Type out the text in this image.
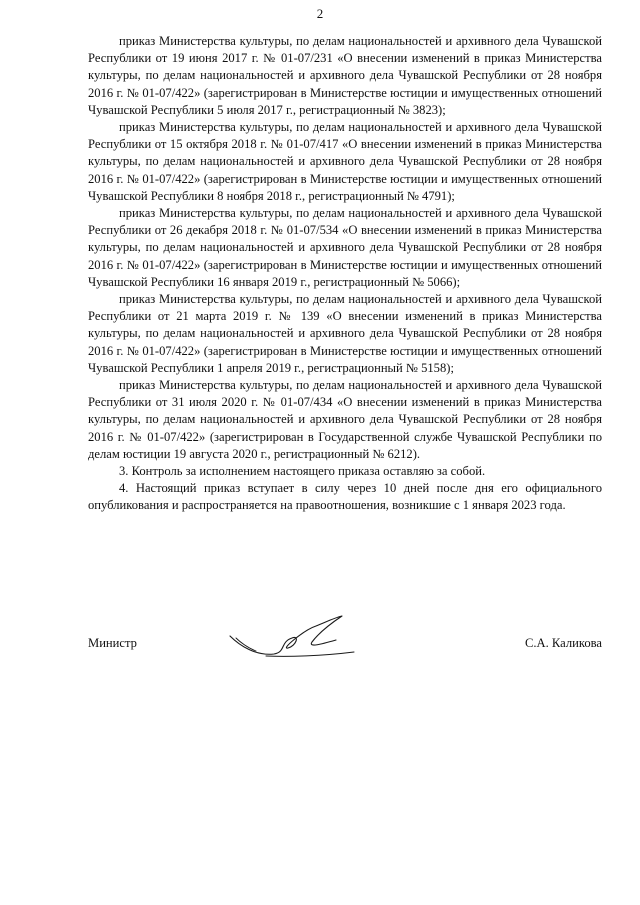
2

приказ Министерства культуры, по делам национальностей и архивного дела Чувашской Республики от 19 июня 2017 г. № 01-07/231 «О внесении изменений в приказ Министерства культуры, по делам национальностей и архивного дела Чувашской Республики от 28 ноября 2016 г. № 01-07/422» (зарегистрирован в Министерстве юстиции и имущественных отношений Чувашской Республики 5 июля 2017 г., регистрационный № 3823);

приказ Министерства культуры, по делам национальностей и архивного дела Чувашской Республики от 15 октября 2018 г. № 01-07/417 «О внесении изменений в приказ Министерства культуры, по делам национальностей и архивного дела Чувашской Республики от 28 ноября 2016 г. № 01-07/422» (зарегистрирован в Министерстве юстиции и имущественных отношений Чувашской Республики 8 ноября 2018 г., регистрационный № 4791);

приказ Министерства культуры, по делам национальностей и архивного дела Чувашской Республики от 26 декабря 2018 г. № 01-07/534 «О внесении изменений в приказ Министерства культуры, по делам национальностей и архивного дела Чувашской Республики от 28 ноября 2016 г. № 01-07/422» (зарегистрирован в Министерстве юстиции и имущественных отношений Чувашской Республики 16 января 2019 г., регистрационный № 5066);

приказ Министерства культуры, по делам национальностей и архивного дела Чувашской Республики от 21 марта 2019 г. № 139 «О внесении изменений в приказ Министерства культуры, по делам национальностей и архивного дела Чувашской Республики от 28 ноября 2016 г. № 01-07/422» (зарегистрирован в Министерстве юстиции и имущественных отношений Чувашской Республики 1 апреля 2019 г., регистрационный № 5158);

приказ Министерства культуры, по делам национальностей и архивного дела Чувашской Республики от 31 июля 2020 г. № 01-07/434 «О внесении изменений в приказ Министерства культуры, по делам национальностей и архивного дела Чувашской Республики от 28 ноября 2016 г. № 01-07/422» (зарегистрирован в Государственной службе Чувашской Республики по делам юстиции 19 августа 2020 г., регистрационный № 6212).

3. Контроль за исполнением настоящего приказа оставляю за собой.

4. Настоящий приказ вступает в силу через 10 дней после дня его официального опубликования и распространяется на правоотношения, возникшие с 1 января 2023 года.

Министр	С.А. Каликова
